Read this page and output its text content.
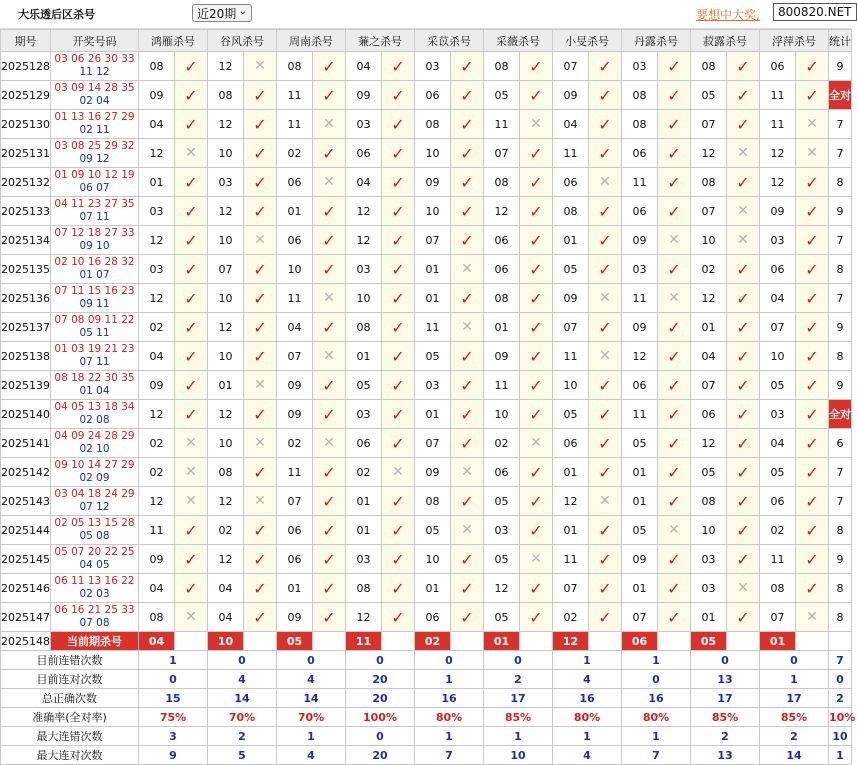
大乐透后区杀号	近20期 ⌄	要想中大奖,	800820.NET
期号	开奖号码	鸿雁杀号		谷风杀号		周南杀号		蒹之杀号		采苡杀号		采薇杀号		小旻杀号		丹露杀号		菽露杀号		浮萍杀号		统计
2025128	03 06 26 30 33
11 12	08	✓	12	✕	08	✓	04	✓	03	✓	08	✓	07	✓	03	✓	08	✓	06	✓	9
2025129	03 09 14 28 35
02 04	09	✓	08	✓	11	✓	09	✓	06	✓	05	✓	09	✓	08	✓	05	✓	11	✓	全对
2025130	01 13 16 27 29
02 11	04	✓	12	✓	11	✕	03	✓	08	✓	11	✕	04	✓	08	✓	07	✓	11	✕	7
2025131	03 08 25 29 32
09 12	12	✕	10	✓	02	✓	06	✓	10	✓	07	✓	11	✓	06	✓	12	✕	12	✕	7
2025132	01 09 10 12 19
06 07	01	✓	03	✓	06	✕	04	✓	09	✓	08	✓	06	✕	11	✓	08	✓	12	✓	8
2025133	04 11 23 27 35
07 11	03	✓	12	✓	01	✓	12	✓	10	✓	12	✓	08	✓	06	✓	07	✕	09	✓	9
2025134	07 12 18 27 33
09 10	12	✓	10	✕	06	✓	12	✓	07	✓	06	✓	01	✓	09	✕	10	✕	03	✓	7
2025135	02 10 16 28 32
01 07	03	✓	07	✓	10	✓	03	✓	01	✕	06	✓	05	✓	03	✓	02	✓	06	✓	8
2025136	07 11 15 16 23
09 11	12	✓	10	✓	11	✕	10	✓	01	✓	08	✓	09	✕	11	✕	12	✓	04	✓	7
2025137	07 08 09 11 22
05 11	02	✓	12	✓	04	✓	08	✓	11	✕	01	✓	07	✓	09	✓	01	✓	07	✓	9
2025138	01 03 19 21 23
07 11	04	✓	10	✓	07	✕	01	✓	05	✓	09	✓	11	✕	12	✓	04	✓	10	✓	8
2025139	08 18 22 30 35
01 04	09	✓	01	✕	09	✓	05	✓	03	✓	11	✓	10	✓	06	✓	07	✓	05	✓	9
2025140	04 05 13 18 34
02 08	12	✓	12	✓	09	✓	03	✓	01	✓	10	✓	05	✓	11	✓	06	✓	03	✓	全对
2025141	04 09 24 28 29
02 10	02	✕	10	✕	02	✕	06	✓	07	✓	02	✕	06	✓	05	✓	12	✓	04	✓	6
2025142	09 10 14 27 29
02 09	02	✕	08	✓	11	✓	02	✕	09	✕	06	✓	01	✓	01	✓	05	✓	05	✓	7
2025143	03 04 18 24 29
07 12	12	✕	12	✕	07	✓	01	✓	08	✓	05	✓	12	✕	01	✓	08	✓	06	✓	7
2025144	02 05 13 15 28
05 08	11	✓	02	✓	06	✓	01	✓	05	✕	03	✓	01	✓	05	✕	10	✓	02	✓	8
2025145	05 07 20 22 25
04 05	09	✓	12	✓	06	✓	03	✓	10	✓	05	✕	11	✓	09	✓	03	✓	11	✓	9
2025146	06 11 13 16 22
02 03	04	✓	04	✓	01	✓	08	✓	01	✓	12	✓	07	✓	01	✓	03	✕	08	✓	8
2025147	06 16 21 25 33
07 08	08	✕	04	✓	09	✓	12	✓	06	✓	05	✓	02	✓	07	✓	01	✓	07	✕	8
2025148	当前期杀号	04		10		05		11		02		01		12		06		05		01		
目前连错次数		1		0		0		0		0		0		1		1		0		0		7
目前连对次数		0		4		4		20		1		2		4		0		13		1		0
总正确次数		15		14		14		20		16		17		16		16		17		17		2
准确率(全对率)		75%		70%		70%		100%		80%		85%		80%		80%		85%		85%		10%
最大连错次数		3		2		1		0		1		1		1		1		2		2		10
最大连对次数		9		5		4		20		7		10		4		7		13		14		1
